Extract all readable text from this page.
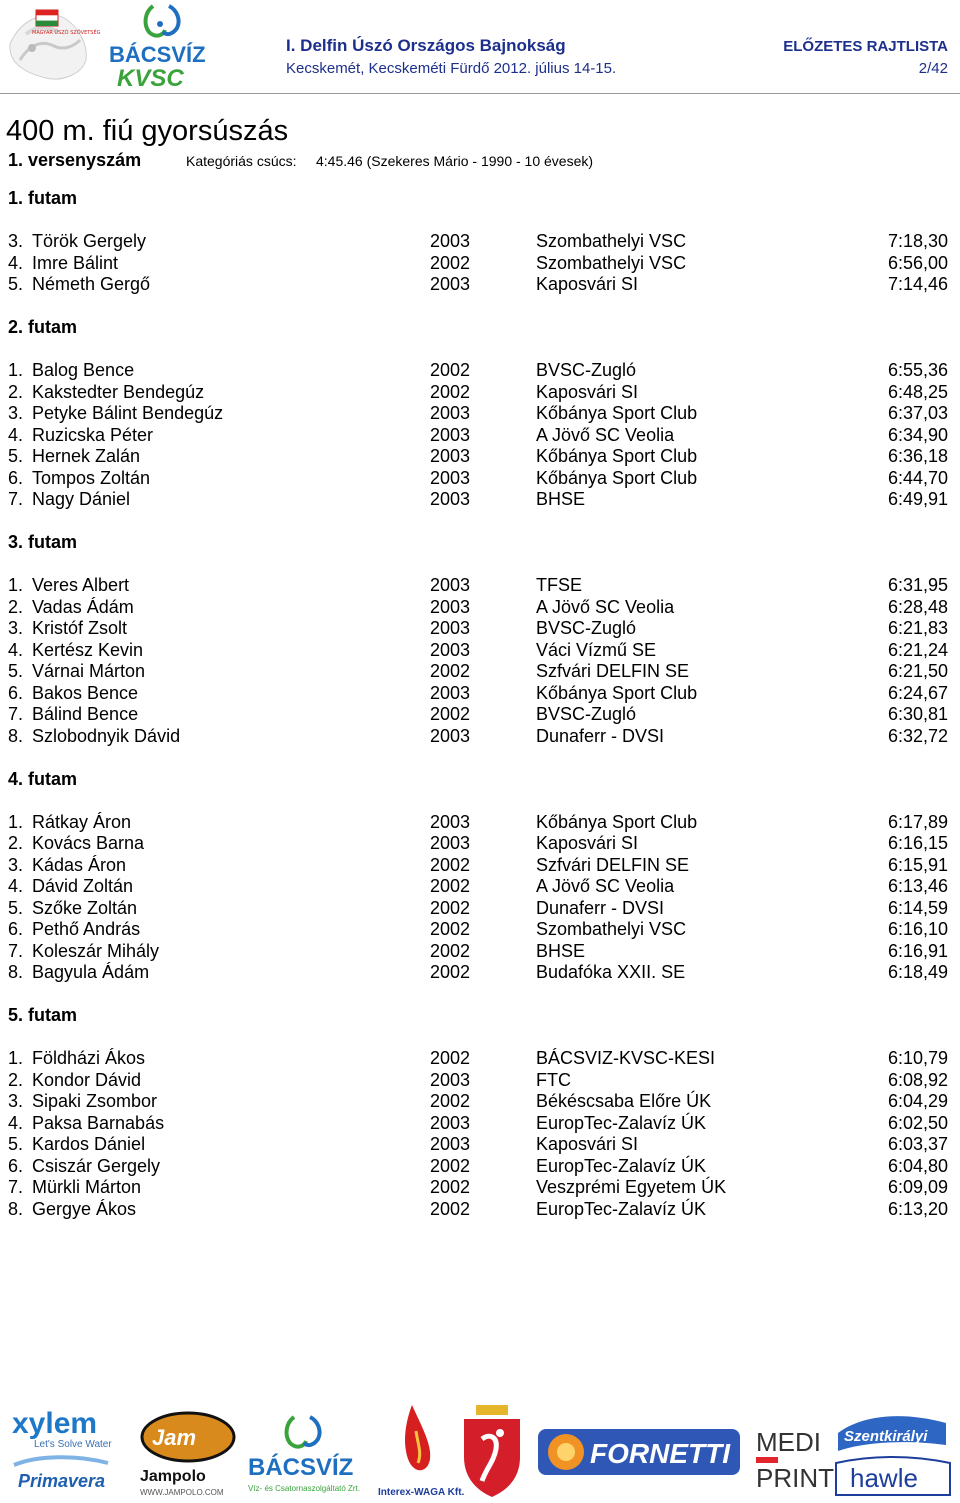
MAGYAR ÚSZÓ SZÖVETSÉG
BÁCSVÍZ
KVSC
I. Delfin Úszó Országos Bajnokság	ELŐZETES RAJTLISTA
Kecskemét, Kecskeméti Fürdő 2012. július 14-15.	2/42
400 m. fiú gyorsúszás
1. versenyszám	Kategóriás csúcs: 4:45.46 (Szekeres Mário - 1990 - 10 évesek)
1. futam
3. Török Gergely	2003	Szombathelyi VSC	7:18,30
4. Imre Bálint	2002	Szombathelyi VSC	6:56,00
5. Németh Gergő	2003	Kaposvári SI	7:14,46
2. futam
1. Balog Bence	2002	BVSC-Zugló	6:55,36
2. Kakstedter Bendegúz	2002	Kaposvári SI	6:48,25
3. Petyke Bálint Bendegúz	2003	Kőbánya Sport Club	6:37,03
4. Ruzicska Péter	2003	A Jövő SC Veolia	6:34,90
5. Hernek Zalán	2003	Kőbánya Sport Club	6:36,18
6. Tompos Zoltán	2003	Kőbánya Sport Club	6:44,70
7. Nagy Dániel	2003	BHSE	6:49,91
3. futam
1. Veres Albert	2003	TFSE	6:31,95
2. Vadas Ádám	2003	A Jövő SC Veolia	6:28,48
3. Kristóf Zsolt	2003	BVSC-Zugló	6:21,83
4. Kertész Kevin	2003	Váci Vízmű SE	6:21,24
5. Várnai Márton	2002	Szfvári DELFIN SE	6:21,50
6. Bakos Bence	2003	Kőbánya Sport Club	6:24,67
7. Bálind Bence	2002	BVSC-Zugló	6:30,81
8. Szlobodnyik Dávid	2003	Dunaferr - DVSI	6:32,72
4. futam
1. Rátkay Áron	2003	Kőbánya Sport Club	6:17,89
2. Kovács Barna	2003	Kaposvári SI	6:16,15
3. Kádas Áron	2002	Szfvári DELFIN SE	6:15,91
4. Dávid Zoltán	2002	A Jövő SC Veolia	6:13,46
5. Szőke Zoltán	2002	Dunaferr - DVSI	6:14,59
6. Pethő András	2002	Szombathelyi VSC	6:16,10
7. Koleszár Mihály	2002	BHSE	6:16,91
8. Bagyula Ádám	2002	Budafóka XXII. SE	6:18,49
5. futam
1. Földházi Ákos	2002	BÁCSVIZ-KVSC-KESI	6:10,79
2. Kondor Dávid	2003	FTC	6:08,92
3. Sipaki Zsombor	2002	Békéscsaba Előre ÚK	6:04,29
4. Paksa Barnabás	2003	EuropTec-Zalavíz ÚK	6:02,50
5. Kardos Dániel	2003	Kaposvári SI	6:03,37
6. Csiszár Gergely	2002	EuropTec-Zalavíz ÚK	6:04,80
7. Mürkli Márton	2002	Veszprémi Egyetem ÚK	6:09,09
8. Gergye Ákos	2002	EuropTec-Zalavíz ÚK	6:13,20
xylem
Let's Solve Water
Primavera
Jam
Jampolo
WWW.JAMPOLO.COM
BÁCSVÍZ
Víz- és Csatornaszolgáltató Zrt. Interex-WAGA Kft.
FORNETTI MEDI
PRINT
Szentkirályi
hawle
